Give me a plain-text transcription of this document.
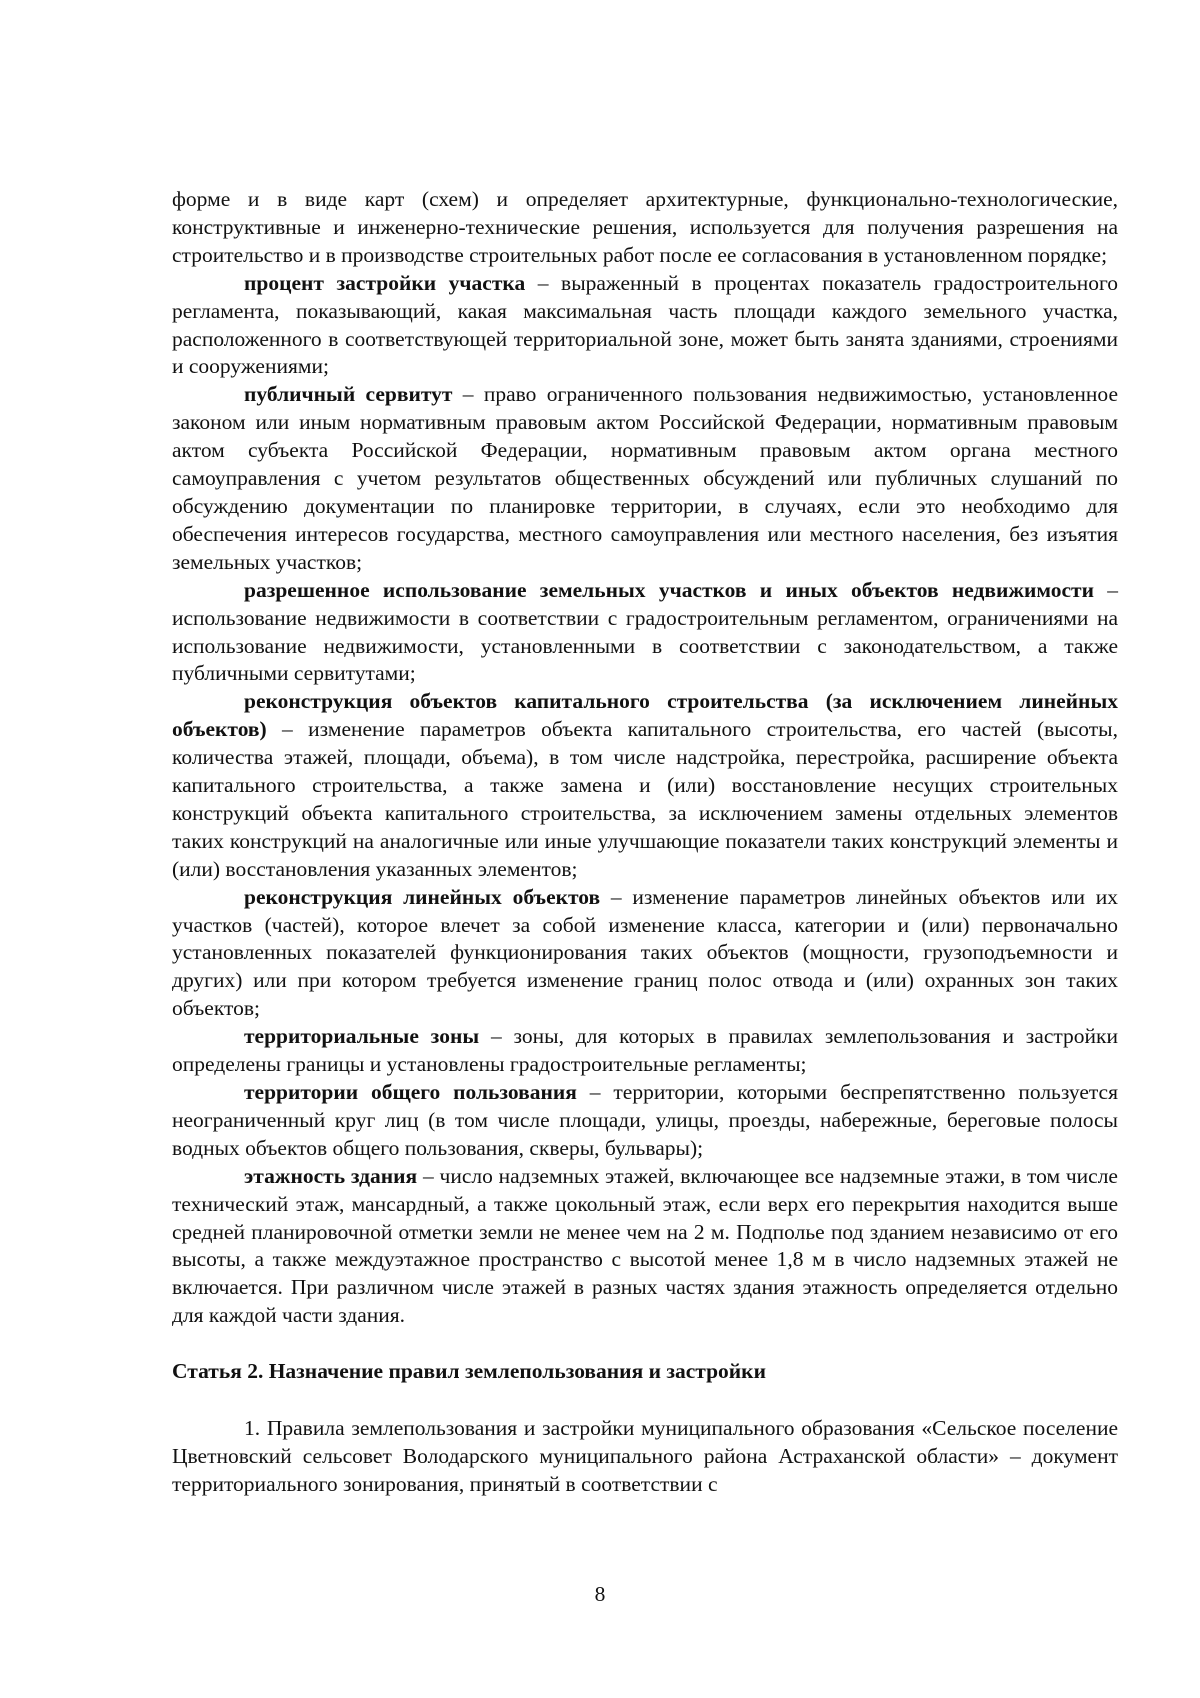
форме и в виде карт (схем) и определяет архитектурные, функционально-технологические, конструктивные и инженерно-технические решения, используется для получения разрешения на строительство и в производстве строительных работ после ее согласования в установленном порядке;

процент застройки участка – выраженный в процентах показатель градостроительного регламента, показывающий, какая максимальная часть площади каждого земельного участка, расположенного в соответствующей территориальной зоне, может быть занята зданиями, строениями и сооружениями;

публичный сервитут – право ограниченного пользования недвижимостью, установленное законом или иным нормативным правовым актом Российской Федерации, нормативным правовым актом субъекта Российской Федерации, нормативным правовым актом органа местного самоуправления с учетом результатов общественных обсуждений или публичных слушаний по обсуждению документации по планировке территории, в случаях, если это необходимо для обеспечения интересов государства, местного самоуправления или местного населения, без изъятия земельных участков;

разрешенное использование земельных участков и иных объектов недвижимости – использование недвижимости в соответствии с градостроительным регламентом, ограничениями на использование недвижимости, установленными в соответствии с законодательством, а также публичными сервитутами;

реконструкция объектов капитального строительства (за исключением линейных объектов) – изменение параметров объекта капитального строительства, его частей (высоты, количества этажей, площади, объема), в том числе надстройка, перестройка, расширение объекта капитального строительства, а также замена и (или) восстановление несущих строительных конструкций объекта капитального строительства, за исключением замены отдельных элементов таких конструкций на аналогичные или иные улучшающие показатели таких конструкций элементы и (или) восстановления указанных элементов;

реконструкция линейных объектов – изменение параметров линейных объектов или их участков (частей), которое влечет за собой изменение класса, категории и (или) первоначально установленных показателей функционирования таких объектов (мощности, грузоподъемности и других) или при котором требуется изменение границ полос отвода и (или) охранных зон таких объектов;

территориальные зоны – зоны, для которых в правилах землепользования и застройки определены границы и установлены градостроительные регламенты;

территории общего пользования – территории, которыми беспрепятственно пользуется неограниченный круг лиц (в том числе площади, улицы, проезды, набережные, береговые полосы водных объектов общего пользования, скверы, бульвары);

этажность здания – число надземных этажей, включающее все надземные этажи, в том числе технический этаж, мансардный, а также цокольный этаж, если верх его перекрытия находится выше средней планировочной отметки земли не менее чем на 2 м. Подполье под зданием независимо от его высоты, а также междуэтажное пространство с высотой менее 1,8 м в число надземных этажей не включается. При различном числе этажей в разных частях здания этажность определяется отдельно для каждой части здания.

Статья 2. Назначение правил землепользования и застройки

1. Правила землепользования и застройки муниципального образования «Сельское поселение Цветновский сельсовет Володарского муниципального района Астраханской области» – документ территориального зонирования, принятый в соответствии с

8
